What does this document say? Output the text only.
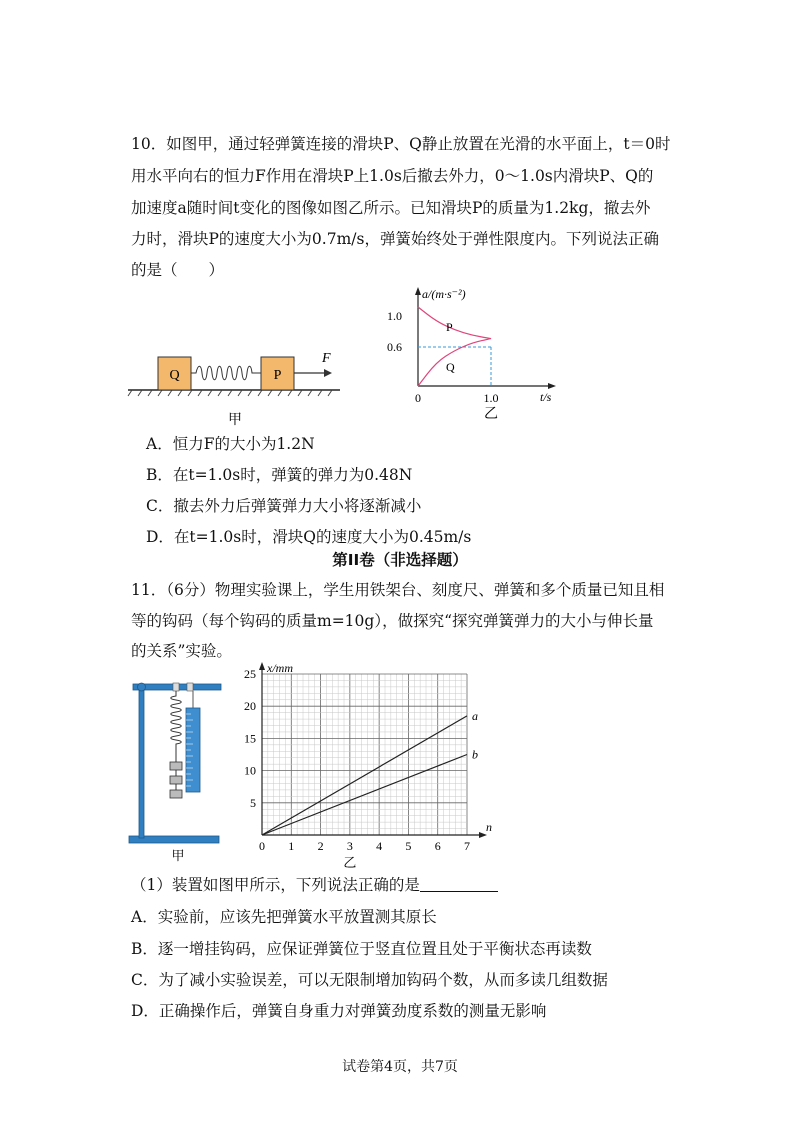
10．如图甲，通过轻弹簧连接的滑块P、Q静止放置在光滑的水平面上，t＝0时
用水平向右的恒力F作用在滑块P上1.0s后撤去外力，0～1.0s内滑块P、Q的
加速度a随时间t变化的图像如图乙所示。已知滑块P的质量为1.2kg，撤去外
力时，滑块P的速度大小为0.7m/s，弹簧始终处于弹性限度内。下列说法正确
的是（　　）
Q	P
F
甲
a/(m·s⁻²)
t/s
0
1.0
0.6
1.0
P
Q
乙
A．恒力F的大小为1.2N
B．在t=1.0s时，弹簧的弹力为0.48N
C．撤去外力后弹簧弹力大小将逐渐减小
D．在t=1.0s时，滑块Q的速度大小为0.45m/s
第II卷（非选择题）
11．（6分）物理实验课上，学生用铁架台、刻度尺、弹簧和多个质量已知且相
等的钩码（每个钩码的质量m=10g），做探究“探究弹簧弹力的大小与伸长量
的关系”实验。
甲
0 1 2 3 4 5 6 7
5
10
15
20
25 x/mm
n
a
b
乙
（1）装置如图甲所示，下列说法正确的是
A．实验前，应该先把弹簧水平放置测其原长
B．逐一增挂钩码，应保证弹簧位于竖直位置且处于平衡状态再读数
C．为了减小实验误差，可以无限制增加钩码个数，从而多读几组数据
D．正确操作后，弹簧自身重力对弹簧劲度系数的测量无影响
试卷第4页，共7页
